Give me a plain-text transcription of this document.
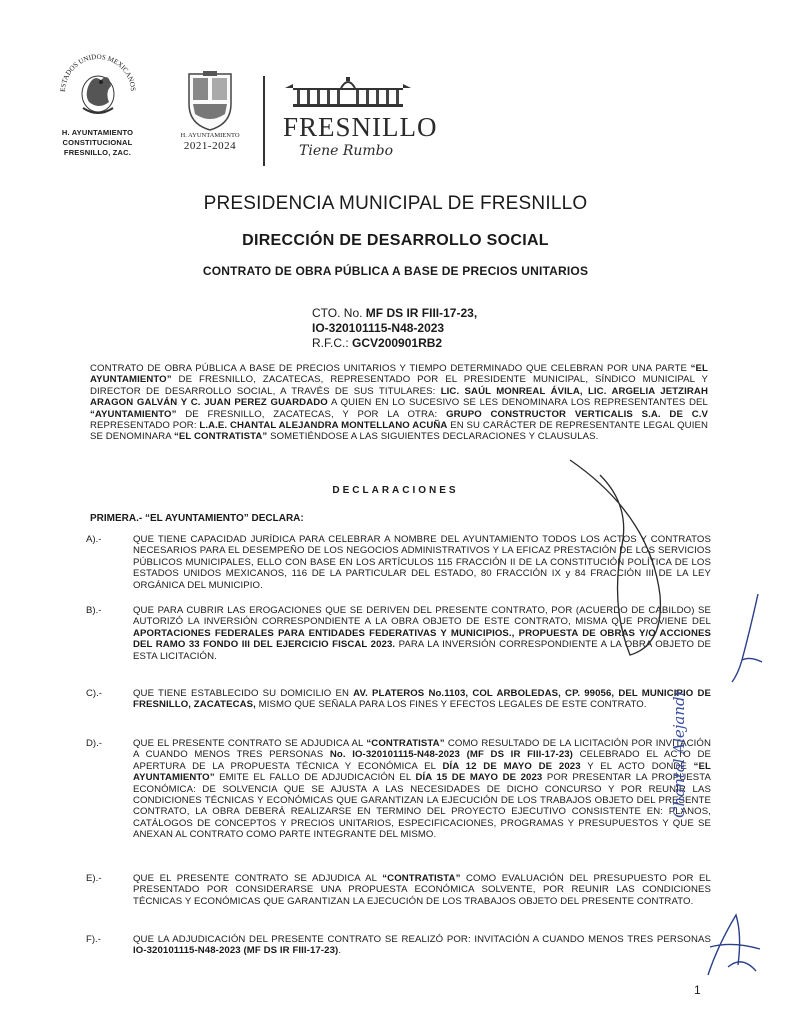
ESTADOS UNIDOS MEXICANOS
H. AYUNTAMIENTO
CONSTITUCIONAL
FRESNILLO, ZAC.
H. AYUNTAMIENTO
2021-2024
FRESNILLO
Tiene Rumbo
PRESIDENCIA MUNICIPAL DE FRESNILLO
DIRECCIÓN DE DESARROLLO SOCIAL
CONTRATO DE OBRA PÚBLICA A BASE DE PRECIOS UNITARIOS
CTO. No. MF DS IR FIII-17-23,
IO-320101115-N48-2023
R.F.C.: GCV200901RB2
CONTRATO DE OBRA PÚBLICA A BASE DE PRECIOS UNITARIOS Y TIEMPO DETERMINADO QUE CELEBRAN POR UNA PARTE “EL AYUNTAMIENTO” DE FRESNILLO, ZACATECAS, REPRESENTADO POR EL PRESIDENTE MUNICIPAL, SÍNDICO MUNICIPAL Y DIRECTOR DE DESARROLLO SOCIAL, A TRAVÉS DE SUS TITULARES: LIC. SAÚL MONREAL ÁVILA, LIC. ARGELIA JETZIRAH ARAGON GALVÁN Y C. JUAN PEREZ GUARDADO A QUIEN EN LO SUCESIVO SE LES DENOMINARA LOS REPRESENTANTES DEL “AYUNTAMIENTO” DE FRESNILLO, ZACATECAS, Y POR LA OTRA: GRUPO CONSTRUCTOR VERTICALIS S.A. DE C.V REPRESENTADO POR: L.A.E. CHANTAL ALEJANDRA MONTELLANO ACUÑA EN SU CARÁCTER DE REPRESENTANTE LEGAL QUIEN SE DENOMINARA “EL CONTRATISTA” SOMETIÉNDOSE A LAS SIGUIENTES DECLARACIONES Y CLAUSULAS.
DECLARACIONES
PRIMERA.- “EL AYUNTAMIENTO” DECLARA:
A).-	QUE TIENE CAPACIDAD JURÍDICA PARA CELEBRAR A NOMBRE DEL AYUNTAMIENTO TODOS LOS ACTOS Y CONTRATOS NECESARIOS PARA EL DESEMPEÑO DE LOS NEGOCIOS ADMINISTRATIVOS Y LA EFICAZ PRESTACIÓN DE LOS SERVICIOS PÚBLICOS MUNICIPALES, ELLO CON BASE EN LOS ARTÍCULOS 115 FRACCIÓN II DE LA CONSTITUCIÓN POLÍTICA DE LOS ESTADOS UNIDOS MEXICANOS, 116 DE LA PARTICULAR DEL ESTADO, 80 FRACCIÓN IX y 84 FRACCIÓN III DE LA LEY ORGÁNICA DEL MUNICIPIO.
B).-	QUE PARA CUBRIR LAS EROGACIONES QUE SE DERIVEN DEL PRESENTE CONTRATO, POR (ACUERDO DE CABILDO) SE AUTORIZÓ LA INVERSIÓN CORRESPONDIENTE A LA OBRA OBJETO DE ESTE CONTRATO, MISMA QUE PROVIENE DEL APORTACIONES FEDERALES PARA ENTIDADES FEDERATIVAS Y MUNICIPIOS., PROPUESTA DE OBRAS Y/O ACCIONES DEL RAMO 33 FONDO III DEL EJERCICIO FISCAL 2023. PARA LA INVERSIÓN CORRESPONDIENTE A LA OBRA OBJETO DE ESTA LICITACIÓN.
C).-	QUE TIENE ESTABLECIDO SU DOMICILIO EN AV. PLATEROS No.1103, COL ARBOLEDAS, CP. 99056, DEL MUNICIPIO DE FRESNILLO, ZACATECAS, MISMO QUE SEÑALA PARA LOS FINES Y EFECTOS LEGALES DE ESTE CONTRATO.
D).-	QUE EL PRESENTE CONTRATO SE ADJUDICA AL “CONTRATISTA” COMO RESULTADO DE LA LICITACIÓN POR INVITACIÓN A CUANDO MENOS TRES PERSONAS No. IO-320101115-N48-2023 (MF DS IR FIII-17-23) CELEBRADO EL ACTO DE APERTURA DE LA PROPUESTA TÉCNICA Y ECONÓMICA EL DÍA 12 DE MAYO DE 2023 Y EL ACTO DONDE “EL AYUNTAMIENTO” EMITE EL FALLO DE ADJUDICACIÓN EL DÍA 15 DE MAYO DE 2023 POR PRESENTAR LA PROPUESTA ECONÓMICA: DE SOLVENCIA QUE SE AJUSTA A LAS NECESIDADES DE DICHO CONCURSO Y POR REUNIR LAS CONDICIONES TÉCNICAS Y ECONÓMICAS QUE GARANTIZAN LA EJECUCIÓN DE LOS TRABAJOS OBJETO DEL PRESENTE CONTRATO, LA OBRA DEBERÁ REALIZARSE EN TERMINO DEL PROYECTO EJECUTIVO CONSISTENTE EN: PLANOS, CATÁLOGOS DE CONCEPTOS Y PRECIOS UNITARIOS, ESPECIFICACIONES, PROGRAMAS Y PRESUPUESTOS Y QUE SE ANEXAN AL CONTRATO COMO PARTE INTEGRANTE DEL MISMO.
E).-	QUE EL PRESENTE CONTRATO SE ADJUDICA AL “CONTRATISTA” COMO EVALUACIÓN DEL PRESUPUESTO POR EL PRESENTADO POR CONSIDERARSE UNA PROPUESTA ECONÓMICA SOLVENTE, POR REUNIR LAS CONDICIONES TÉCNICAS Y ECONÓMICAS QUE GARANTIZAN LA EJECUCIÓN DE LOS TRABAJOS OBJETO DEL PRESENTE CONTRATO.
F).-	QUE LA ADJUDICACIÓN DEL PRESENTE CONTRATO SE REALIZÓ POR: INVITACIÓN A CUANDO MENOS TRES PERSONAS IO-320101115-N48-2023 (MF DS IR FIII-17-23).
Chantal Alejandra
1
